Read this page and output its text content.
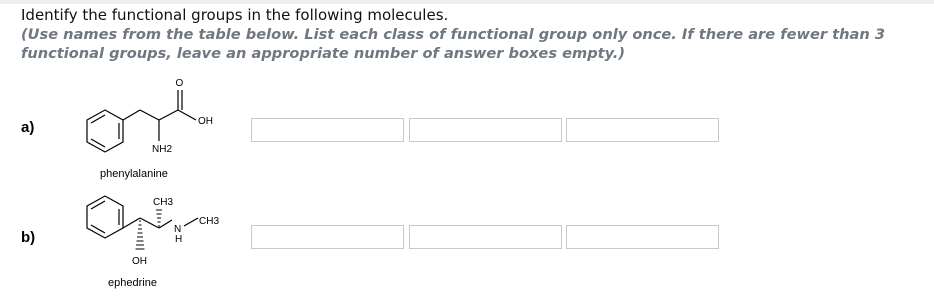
Identify the functional groups in the following molecules.
(Use names from the table below. List each class of functional group only once. If there are fewer than 3 functional groups, leave an appropriate number of answer boxes empty.)
a)
O
OH
NH2
phenylalanine
b)
CH3
CH3
N
H
OH
ephedrine
